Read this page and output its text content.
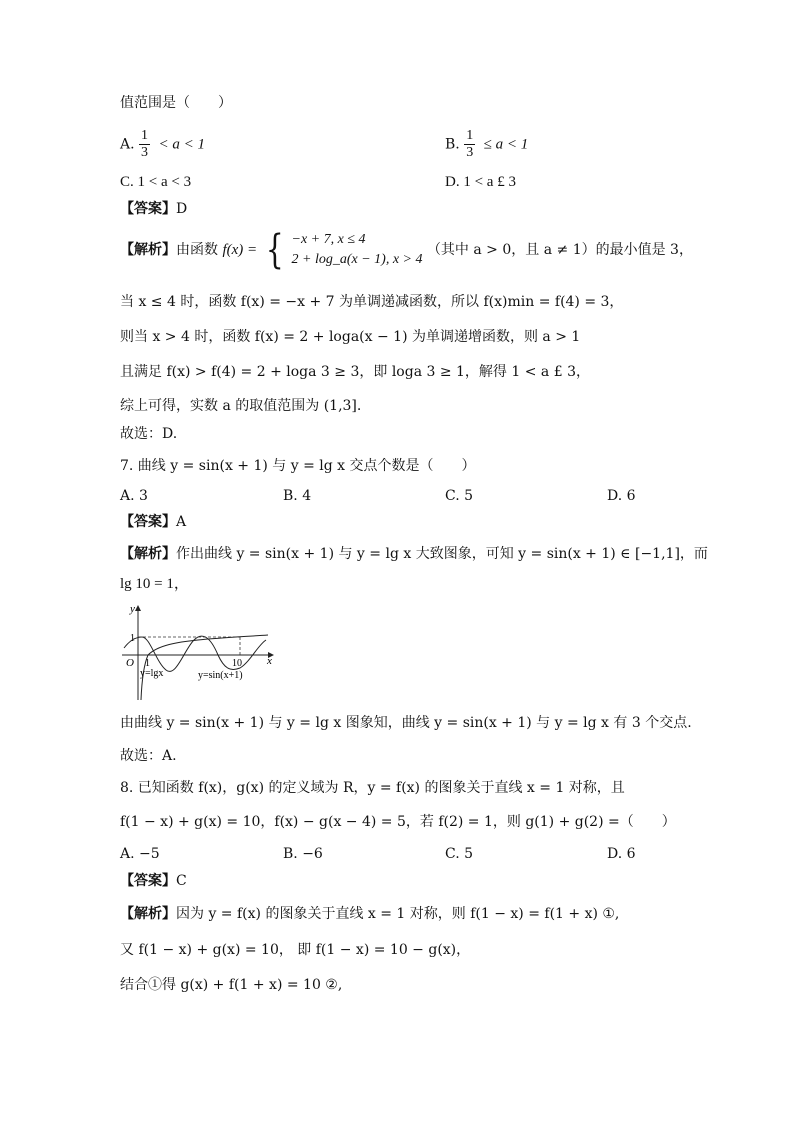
值范围是（　　）
A. $\frac{1}{3} < a < 1$	B. $\frac{1}{3} \le a < 1$
C. 1 < a < 3	D. 1 < a £ 3
【答案】D
【解析】由函数 f(x) = { −x + 7, x ≤ 4
2 + log_a(x − 1), x > 4
（其中 a > 0，且 a ≠ 1）的最小值是 3，
当 x ≤ 4 时，函数 f(x) = −x + 7 为单调递减函数，所以 f(x)min = f(4) = 3，
则当 x > 4 时，函数 f(x) = 2 + loga(x − 1) 为单调递增函数，则 a > 1
且满足 f(x) > f(4) = 2 + loga 3 ≥ 3，即 loga 3 ≥ 1，解得 1 < a £ 3，
综上可得，实数 a 的取值范围为 (1,3].
故选：D.
7. 曲线 y = sin(x + 1) 与 y = lg x 交点个数是（　　）
A. 3	B. 4	C. 5	D. 6
【答案】A
【解析】作出曲线 y = sin(x + 1) 与 y = lg x 大致图象，可知 y = sin(x + 1) ∈ [−1,1]，而
lg 10 = 1，
y
x
O
1
1	10
y=lgx	y=sin(x+1)
由曲线 y = sin(x + 1) 与 y = lg x 图象知，曲线 y = sin(x + 1) 与 y = lg x 有 3 个交点.
故选：A.
8. 已知函数 f(x)，g(x) 的定义域为 R，y = f(x) 的图象关于直线 x = 1 对称，且
f(1 − x) + g(x) = 10，f(x) − g(x − 4) = 5，若 f(2) = 1，则 g(1) + g(2) =（　　）
A. −5	B. −6	C. 5	D. 6
【答案】C
【解析】因为 y = f(x) 的图象关于直线 x = 1 对称，则 f(1 − x) = f(1 + x) ①,
又 f(1 − x) + g(x) = 10， 即 f(1 − x) = 10 − g(x)，
结合①得 g(x) + f(1 + x) = 10 ②,
